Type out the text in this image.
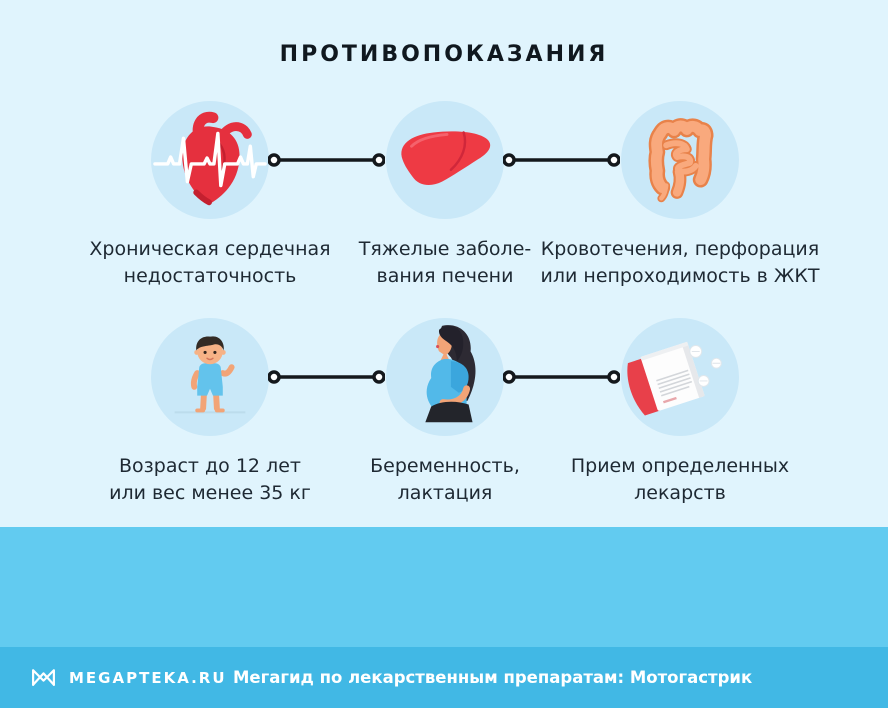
ПРОТИВОПОКАЗАНИЯ
Хроническая сердечная
недостаточность
Тяжелые заболе-
вания печени
Кровотечения, перфорация
или непроходимость в ЖКТ
Возраст до 12 лет
или вес менее 35 кг
Беременность,
лактация
Прием определенных
лекарств
MEGAPTEKA.RU Мегагид по лекарственным препаратам: Мотогастрик
